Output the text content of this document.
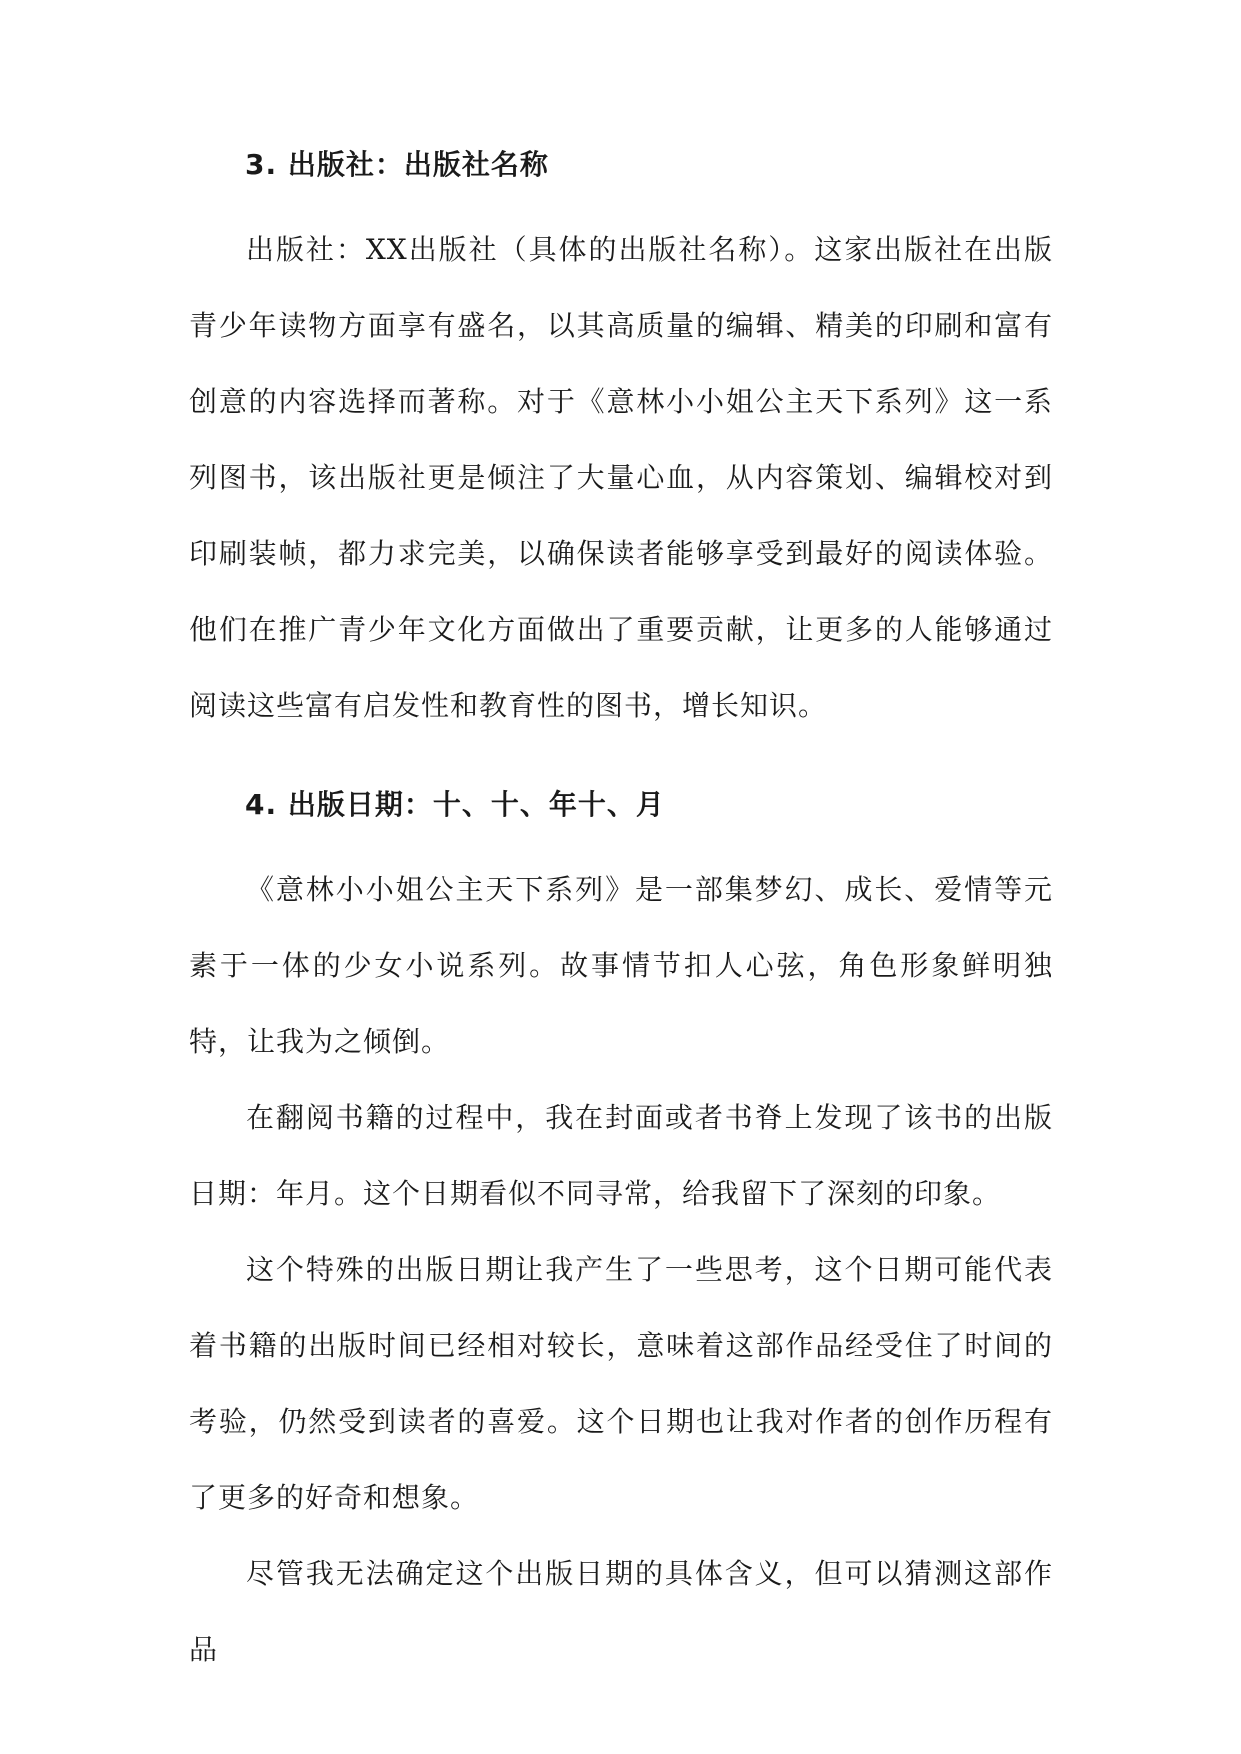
3. 出版社：出版社名称

出版社：XX出版社（具体的出版社名称）。这家出版社在出版青少年读物方面享有盛名，以其高质量的编辑、精美的印刷和富有创意的内容选择而著称。对于《意林小小姐公主天下系列》这一系列图书，该出版社更是倾注了大量心血，从内容策划、编辑校对到印刷装帧，都力求完美，以确保读者能够享受到最好的阅读体验。他们在推广青少年文化方面做出了重要贡献，让更多的人能够通过阅读这些富有启发性和教育性的图书，增长知识。

4. 出版日期：十、十、年十、月

《意林小小姐公主天下系列》是一部集梦幻、成长、爱情等元素于一体的少女小说系列。故事情节扣人心弦，角色形象鲜明独特，让我为之倾倒。

在翻阅书籍的过程中，我在封面或者书脊上发现了该书的出版日期：年月。这个日期看似不同寻常，给我留下了深刻的印象。

这个特殊的出版日期让我产生了一些思考，这个日期可能代表着书籍的出版时间已经相对较长，意味着这部作品经受住了时间的考验，仍然受到读者的喜爱。这个日期也让我对作者的创作历程有了更多的好奇和想象。

尽管我无法确定这个出版日期的具体含义，但可以猜测这部作品
